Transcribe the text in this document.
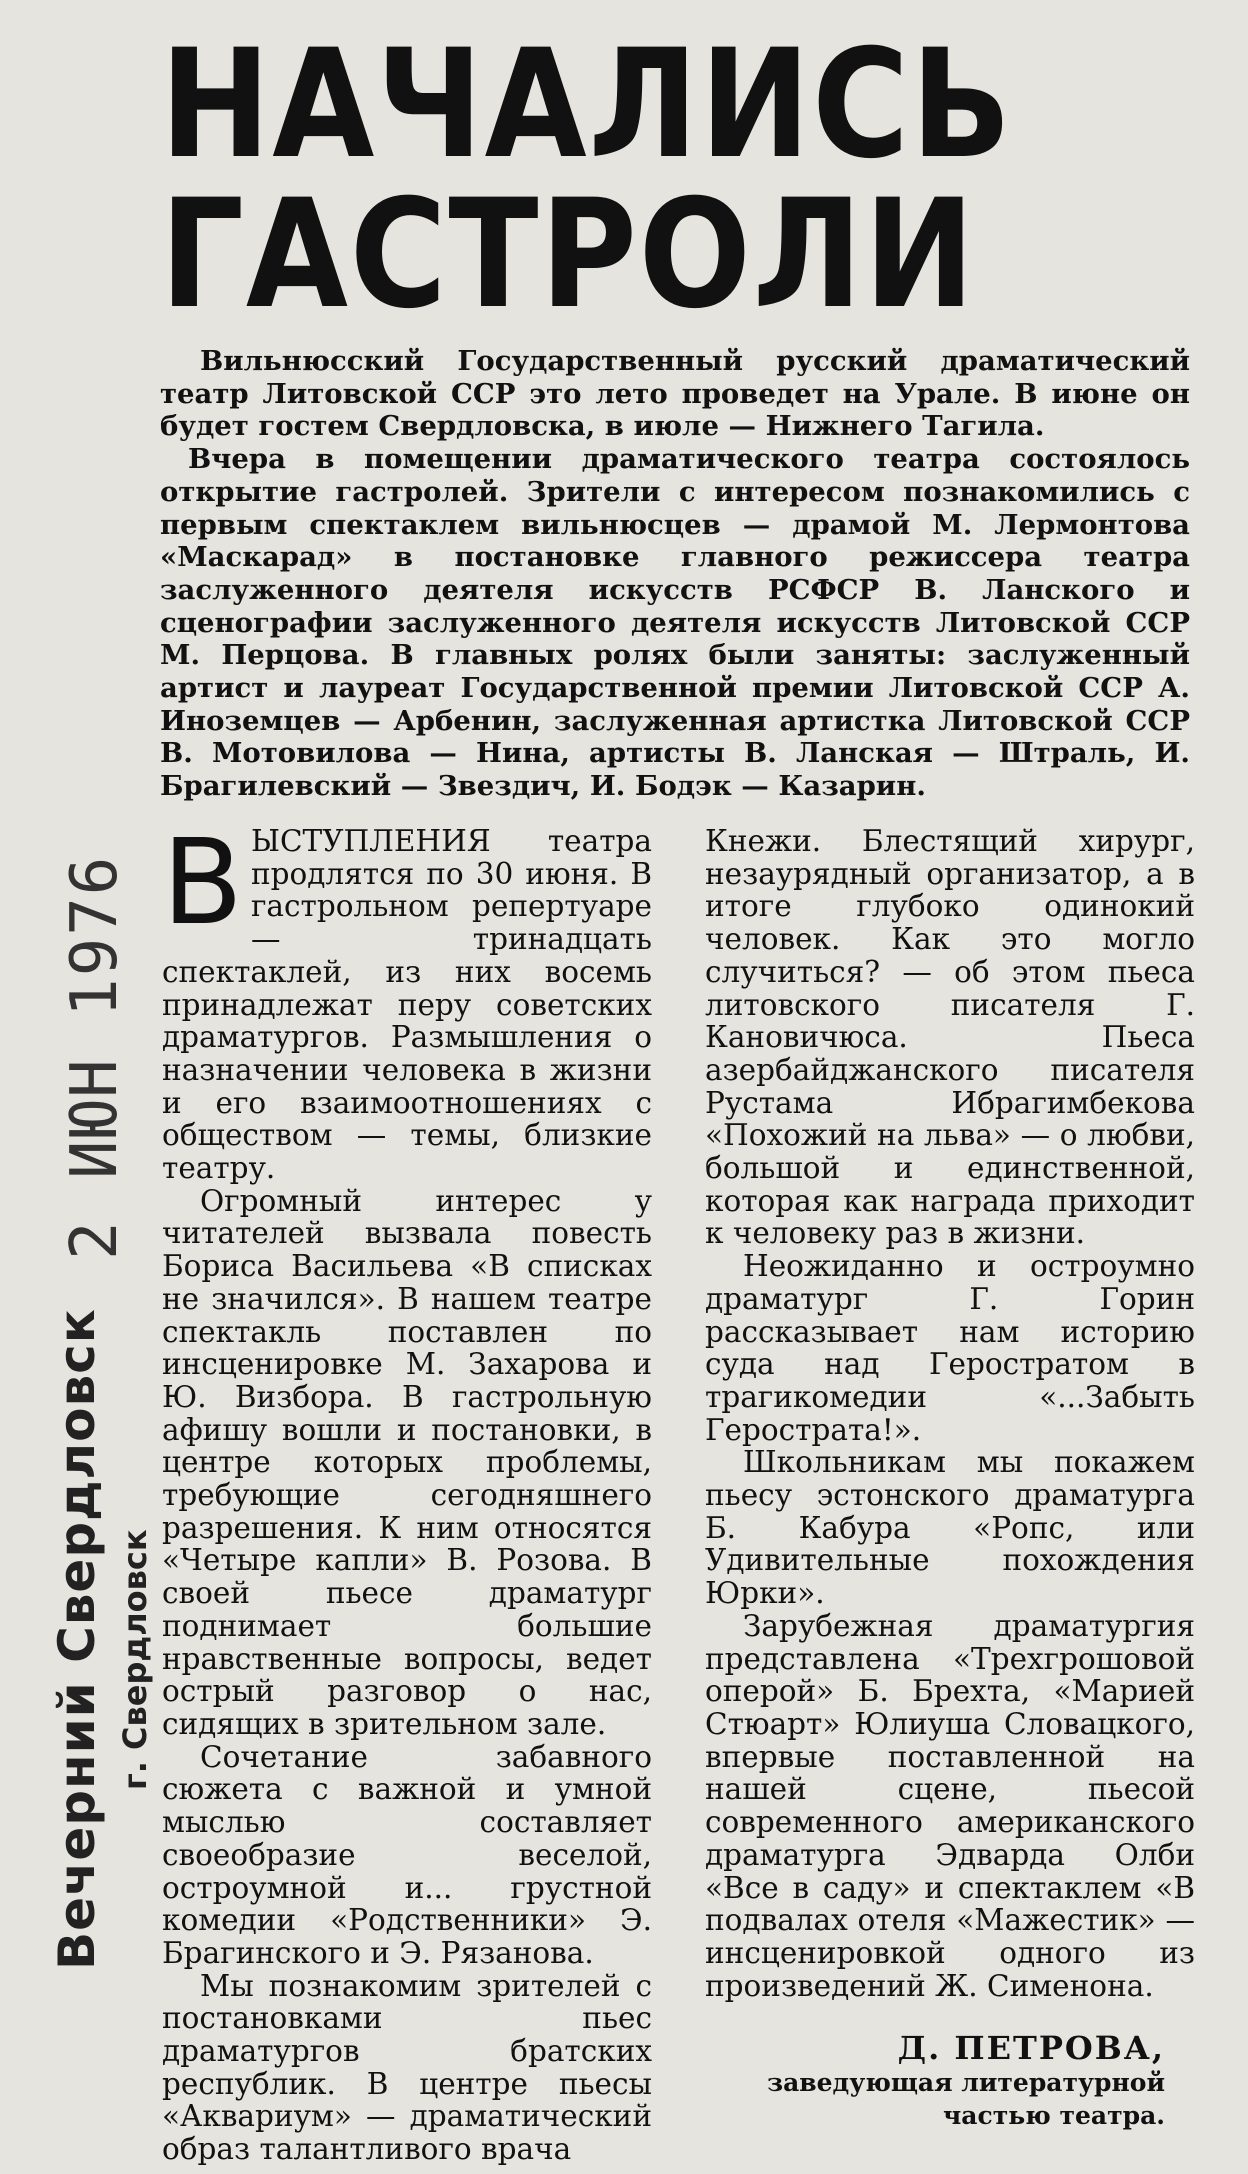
2 ИЮН 1976
Вечерний Свердловск г. Свердловск
НАЧАЛИСЬ
ГАСТРОЛИ

Вильнюсский Государственный русский драматический театр Литовской ССР это лето проведет на Урале. В июне он будет гостем Свердловска, в июле — Нижнего Тагила.

Вчера в помещении драматического театра состоялось открытие гастролей. Зрители с интересом познакомились с первым спектаклем вильнюсцев — драмой М. Лермонтова «Маскарад» в постановке главного режиссера театра заслуженного деятеля искусств РСФСР В. Ланского и сценографии заслуженного деятеля искусств Литовской ССР М. Перцова. В главных ролях были заняты: заслуженный артист и лауреат Государственной премии Литовской ССР А. Иноземцев — Арбенин, заслуженная артистка Литовской ССР В. Мотовилова — Нина, артисты В. Ланская — Штраль, И. Брагилевский — Звездич, И. Бодэк — Казарин.

ВЫСТУПЛЕНИЯ театра продлятся по 30 июня. В гастрольном репертуаре — тринадцать спектаклей, из них восемь принадлежат перу советских драматургов. Размышления о назначении человека в жизни и его взаимоотношениях с обществом — темы, близкие театру.

Огромный интерес у читателей вызвала повесть Бориса Васильева «В списках не значился». В нашем театре спектакль поставлен по инсценировке М. Захарова и Ю. Визбора. В гастрольную афишу вошли и постановки, в центре которых проблемы, требующие сегодняшнего разрешения. К ним относятся «Четыре капли» В. Розова. В своей пьесе драматург поднимает большие нравственные вопросы, ведет острый разговор о нас, сидящих в зрительном зале.

Сочетание забавного сюжета с важной и умной мыслью составляет своеобразие веселой, остроумной и... грустной комедии «Родственники» Э. Брагинского и Э. Рязанова.

Мы познакомим зрителей с постановками пьес драматургов братских республик. В центре пьесы «Аквариум» — драматический образ талантливого врача

Кнежи. Блестящий хирург, незаурядный организатор, а в итоге глубоко одинокий человек. Как это могло случиться? — об этом пьеса литовского писателя Г. Кановичюса. Пьеса азербайджанского писателя Рустама Ибрагимбекова «Похожий на льва» — о любви, большой и единственной, которая как награда приходит к человеку раз в жизни.

Неожиданно и остроумно драматург Г. Горин рассказывает нам историю суда над Геростратом в трагикомедии «...Забыть Герострата!».

Школьникам мы покажем пьесу эстонского драматурга Б. Кабура «Ропс, или Удивительные похождения Юрки».

Зарубежная драматургия представлена «Трехгрошовой оперой» Б. Брехта, «Марией Стюарт» Юлиуша Словацкого, впервые поставленной на нашей сцене, пьесой современного американского драматурга Эдварда Олби «Все в саду» и спектаклем «В подвалах отеля «Мажестик» — инсценировкой одного из произведений Ж. Сименона.

Д. ПЕТРОВА,
заведующая литературной
частью театра.
